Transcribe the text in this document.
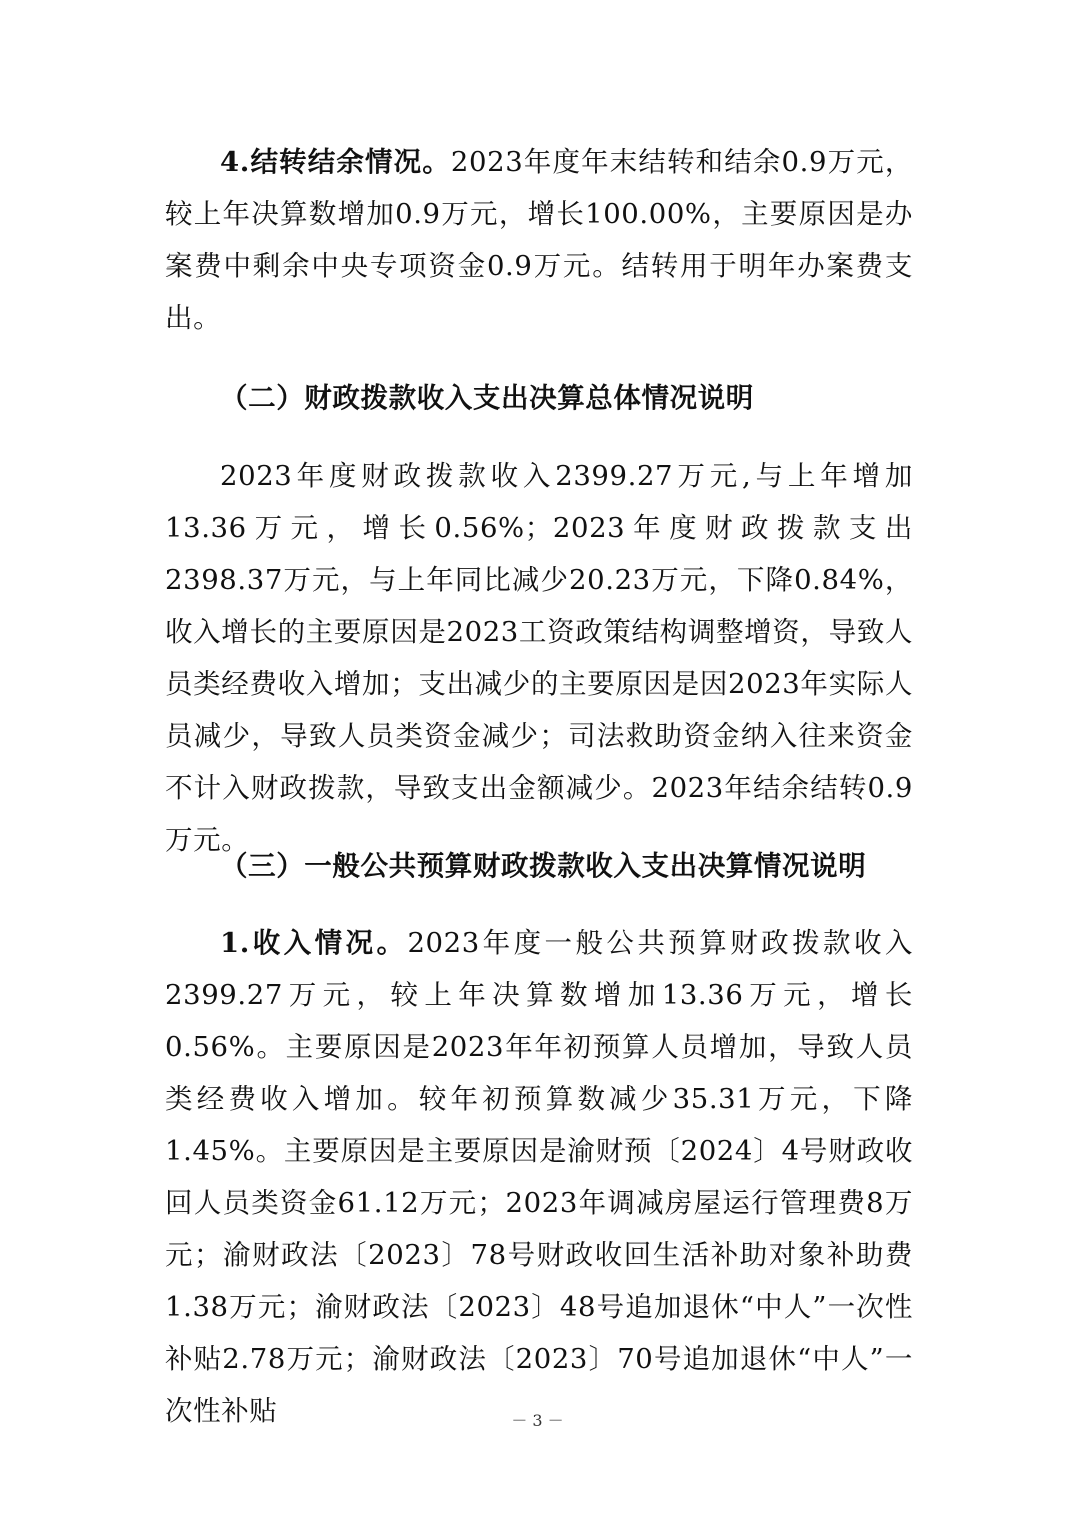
4.结转结余情况。2023年度年末结转和结余0.9万元，较上年决算数增加0.9万元，增长100.00%，主要原因是办案费中剩余中央专项资金0.9万元。结转用于明年办案费支出。

（二）财政拨款收入支出决算总体情况说明

2023年度财政拨款收入2399.27万元,与上年增加13.36万元，增长0.56%；2023年度财政拨款支出2398.37万元，与上年同比减少20.23万元，下降0.84%，收入增长的主要原因是2023工资政策结构调整增资，导致人员类经费收入增加；支出减少的主要原因是因2023年实际人员减少，导致人员类资金减少；司法救助资金纳入往来资金不计入财政拨款，导致支出金额减少。2023年结余结转0.9万元。

（三）一般公共预算财政拨款收入支出决算情况说明

1.收入情况。2023年度一般公共预算财政拨款收入2399.27万元，较上年决算数增加13.36万元，增长0.56%。主要原因是2023年年初预算人员增加，导致人员类经费收入增加。较年初预算数减少35.31万元，下降1.45%。主要原因是主要原因是渝财预〔2024〕4号财政收回人员类资金61.12万元；2023年调减房屋运行管理费8万元；渝财政法〔2023〕78号财政收回生活补助对象补助费1.38万元；渝财政法〔2023〕48号追加退休“中人”一次性补贴2.78万元；渝财政法〔2023〕70号追加退休“中人”一次性补贴	－ 3 －
